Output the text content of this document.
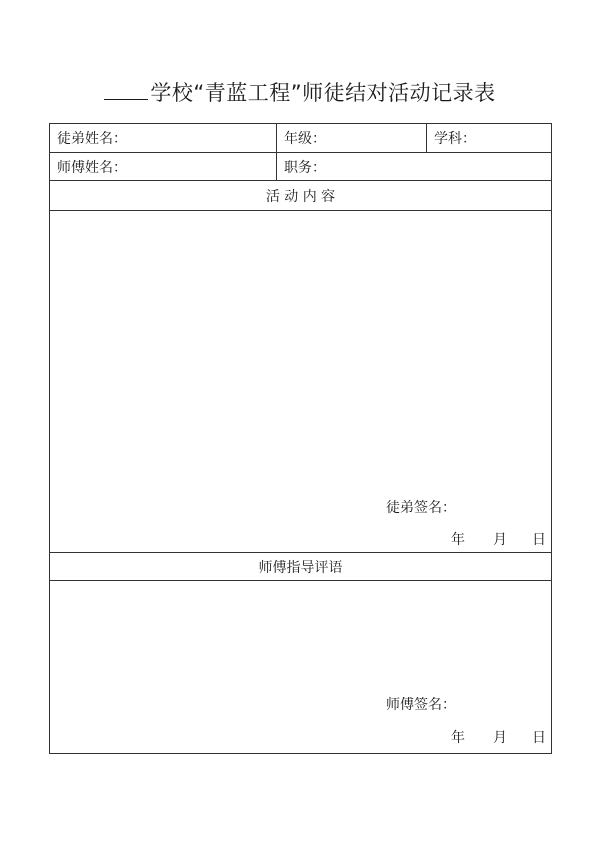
学校“青蓝工程”师徒结对活动记录表
徒弟姓名：	年级：	学科：
师傅姓名：	职务：
活 动 内 容
徒弟签名：
年 月 日
师傅指导评语
师傅签名：
年 月 日
